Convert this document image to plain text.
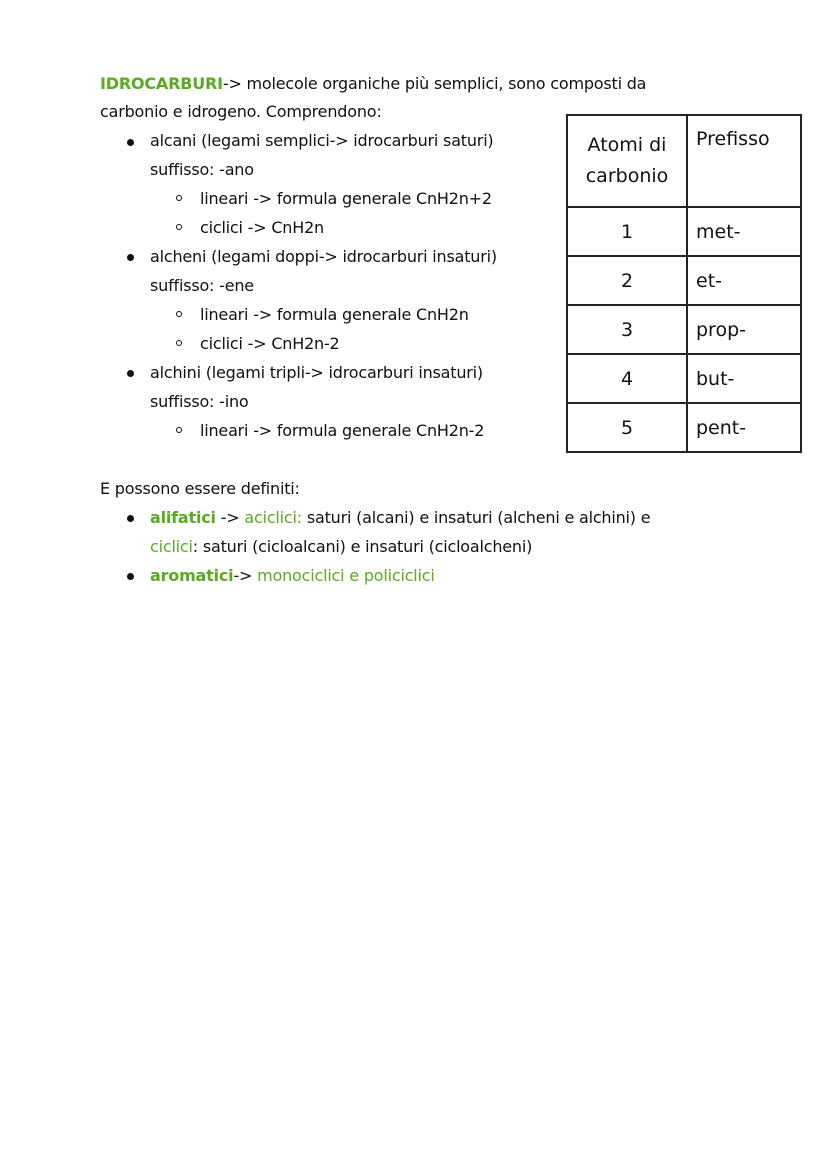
IDROCARBURI-> molecole organiche più semplici, sono composti da
carbonio e idrogeno. Comprendono:
alcani (legami semplici-> idrocarburi saturi)
suffisso: -ano
lineari -> formula generale CnH2n+2
ciclici -> CnH2n
alcheni (legami doppi-> idrocarburi insaturi)
suffisso: -ene
lineari -> formula generale CnH2n
ciclici -> CnH2n-2
alchini (legami tripli-> idrocarburi insaturi)
suffisso: -ino
lineari -> formula generale CnH2n-2
Atomi di
carbonio	Prefisso
1	met-
2	et-
3	prop-
4	but-
5	pent-
E possono essere definiti:
alifatici -> aciclici: saturi (alcani) e insaturi (alcheni e alchini) e
ciclici: saturi (cicloalcani) e insaturi (cicloalcheni)
aromatici-> monociclici e policiclici
